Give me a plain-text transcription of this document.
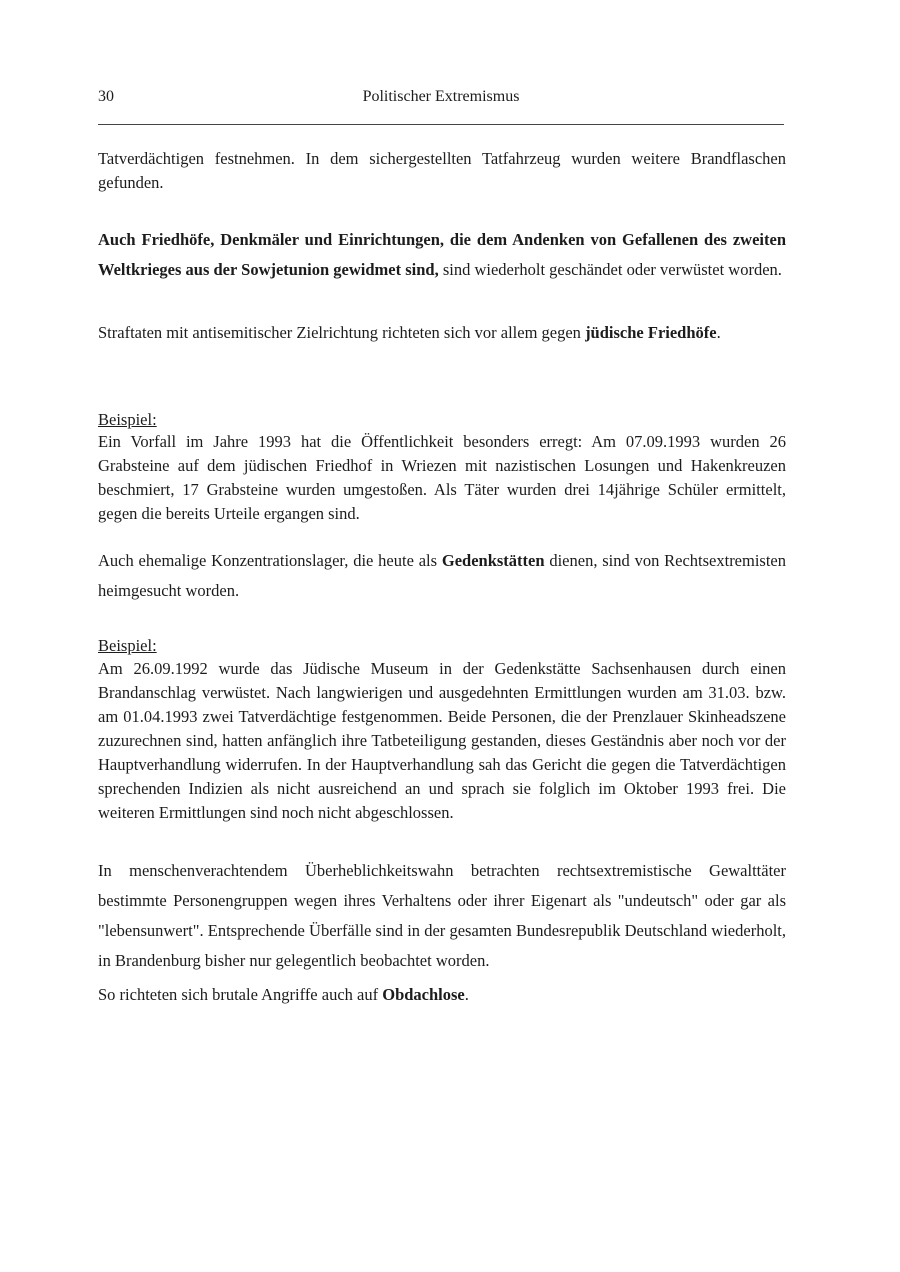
30	Politischer Extremismus

Tatverdächtigen festnehmen. In dem sichergestellten Tatfahrzeug wurden weitere Brandflaschen gefunden.

Auch Friedhöfe, Denkmäler und Einrichtungen, die dem Andenken von Gefallenen des zweiten Weltkrieges aus der Sowjetunion gewidmet sind, sind wiederholt geschändet oder verwüstet worden.

Straftaten mit antisemitischer Zielrichtung richteten sich vor allem gegen jüdische Friedhöfe.

Beispiel:

Ein Vorfall im Jahre 1993 hat die Öffentlichkeit besonders erregt: Am 07.09.1993 wurden 26 Grabsteine auf dem jüdischen Friedhof in Wriezen mit nazistischen Losungen und Hakenkreuzen beschmiert, 17 Grabsteine wurden umgestoßen. Als Täter wurden drei 14jährige Schüler ermittelt, gegen die bereits Urteile ergangen sind.

Auch ehemalige Konzentrationslager, die heute als Gedenkstätten dienen, sind von Rechtsextremisten heimgesucht worden.

Beispiel:

Am 26.09.1992 wurde das Jüdische Museum in der Gedenkstätte Sachsenhausen durch einen Brandanschlag verwüstet. Nach langwierigen und ausgedehnten Ermittlungen wurden am 31.03. bzw. am 01.04.1993 zwei Tatverdächtige festgenommen. Beide Personen, die der Prenzlauer Skinheadszene zuzurechnen sind, hatten anfänglich ihre Tatbeteiligung gestanden, dieses Geständnis aber noch vor der Hauptverhandlung widerrufen. In der Hauptverhandlung sah das Gericht die gegen die Tatverdächtigen sprechenden Indizien als nicht ausreichend an und sprach sie folglich im Oktober 1993 frei. Die weiteren Ermittlungen sind noch nicht abgeschlossen.

In menschenverachtendem Überheblichkeitswahn betrachten rechtsextremistische Gewalttäter bestimmte Personengruppen wegen ihres Verhaltens oder ihrer Eigenart als "undeutsch" oder gar als "lebensunwert". Entsprechende Überfälle sind in der gesamten Bundesrepublik Deutschland wiederholt, in Brandenburg bisher nur gelegentlich beobachtet worden.

So richteten sich brutale Angriffe auch auf Obdachlose.
